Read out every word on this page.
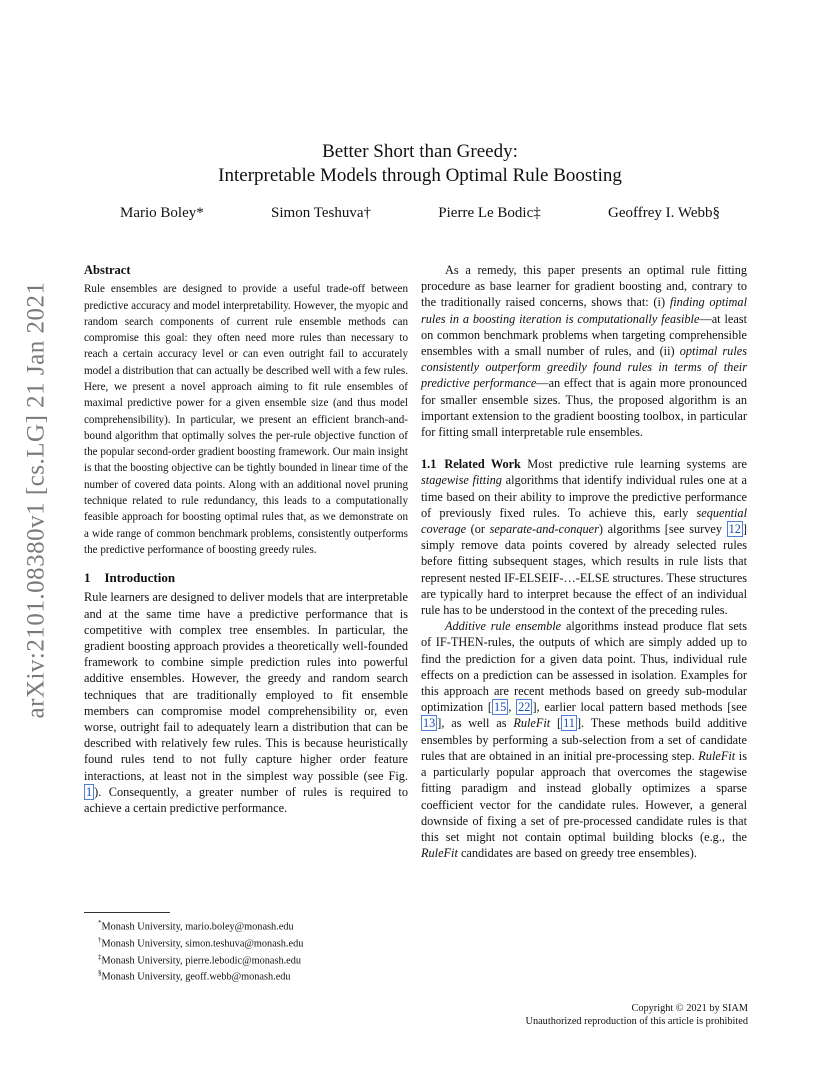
arXiv:2101.08380v1 [cs.LG] 21 Jan 2021
Better Short than Greedy:
Interpretable Models through Optimal Rule Boosting
Mario Boley*	Simon Teshuva†	Pierre Le Bodic‡	Geoffrey I. Webb§
Abstract

Rule ensembles are designed to provide a useful trade-off between predictive accuracy and model interpretability. However, the myopic and random search components of current rule ensemble methods can compromise this goal: they often need more rules than necessary to reach a certain accuracy level or can even outright fail to accurately model a distribution that can actually be described well with a few rules. Here, we present a novel approach aiming to fit rule ensembles of maximal predictive power for a given ensemble size (and thus model comprehensibility). In particular, we present an efficient branch-and-bound algorithm that optimally solves the per-rule objective function of the popular second-order gradient boosting framework. Our main insight is that the boosting objective can be tightly bounded in linear time of the number of covered data points. Along with an additional novel pruning technique related to rule redundancy, this leads to a computationally feasible approach for boosting optimal rules that, as we demonstrate on a wide range of common benchmark problems, consistently outperforms the predictive performance of boosting greedy rules.

1 Introduction

Rule learners are designed to deliver models that are interpretable and at the same time have a predictive performance that is competitive with complex tree ensembles. In particular, the gradient boosting approach provides a theoretically well-founded framework to combine simple prediction rules into powerful additive ensembles. However, the greedy and random search techniques that are traditionally employed to fit ensemble members can compromise model comprehensibility or, even worse, outright fail to adequately learn a distribution that can be described with relatively few rules. This is because heuristically found rules tend to not fully capture higher order feature interactions, at least not in the simplest way possible (see Fig. 1 ). Consequently, a greater number of rules is required to achieve a certain predictive performance.

As a remedy, this paper presents an optimal rule fitting procedure as base learner for gradient boosting and, contrary to the traditionally raised concerns, shows that: (i) finding optimal rules in a boosting iteration is computationally feasible—at least on common benchmark problems when targeting comprehensible ensembles with a small number of rules, and (ii) optimal rules consistently outperform greedily found rules in terms of their predictive performance—an effect that is again more pronounced for smaller ensemble sizes. Thus, the proposed algorithm is an important extension to the gradient boosting toolbox, in particular for fitting small interpretable rule ensembles.

1.1 Related Work Most predictive rule learning systems are stagewise fitting algorithms that identify individual rules one at a time based on their ability to improve the predictive performance of previously fixed rules. To achieve this, early sequential coverage (or separate-and-conquer) algorithms [see survey 12 ] simply remove data points covered by already selected rules before fitting subsequent stages, which results in rule lists that represent nested IF-ELSEIF-…-ELSE structures. These structures are typically hard to interpret because the effect of an individual rule has to be understood in the context of the preceding rules.

Additive rule ensemble algorithms instead produce flat sets of IF-THEN-rules, the outputs of which are simply added up to find the prediction for a given data point. Thus, individual rule effects on a prediction can be assessed in isolation. Examples for this approach are recent methods based on greedy sub-modular optimization [ 15 , 22 ], earlier local pattern based methods [see 13 ], as well as RuleFit [ 11 ]. These methods build additive ensembles by performing a sub-selection from a set of candidate rules that are obtained in an initial pre-processing step. RuleFit is a particularly popular approach that overcomes the stagewise fitting paradigm and instead globally optimizes a sparse coefficient vector for the candidate rules. However, a general downside of fixing a set of pre-processed candidate rules is that this set might not contain optimal building blocks (e.g., the RuleFit candidates are based on greedy tree ensembles).

*Monash University, mario.boley@monash.edu
†Monash University, simon.teshuva@monash.edu
‡Monash University, pierre.lebodic@monash.edu
§Monash University, geoff.webb@monash.edu
Copyright © 2021 by SIAM
Unauthorized reproduction of this article is prohibited
